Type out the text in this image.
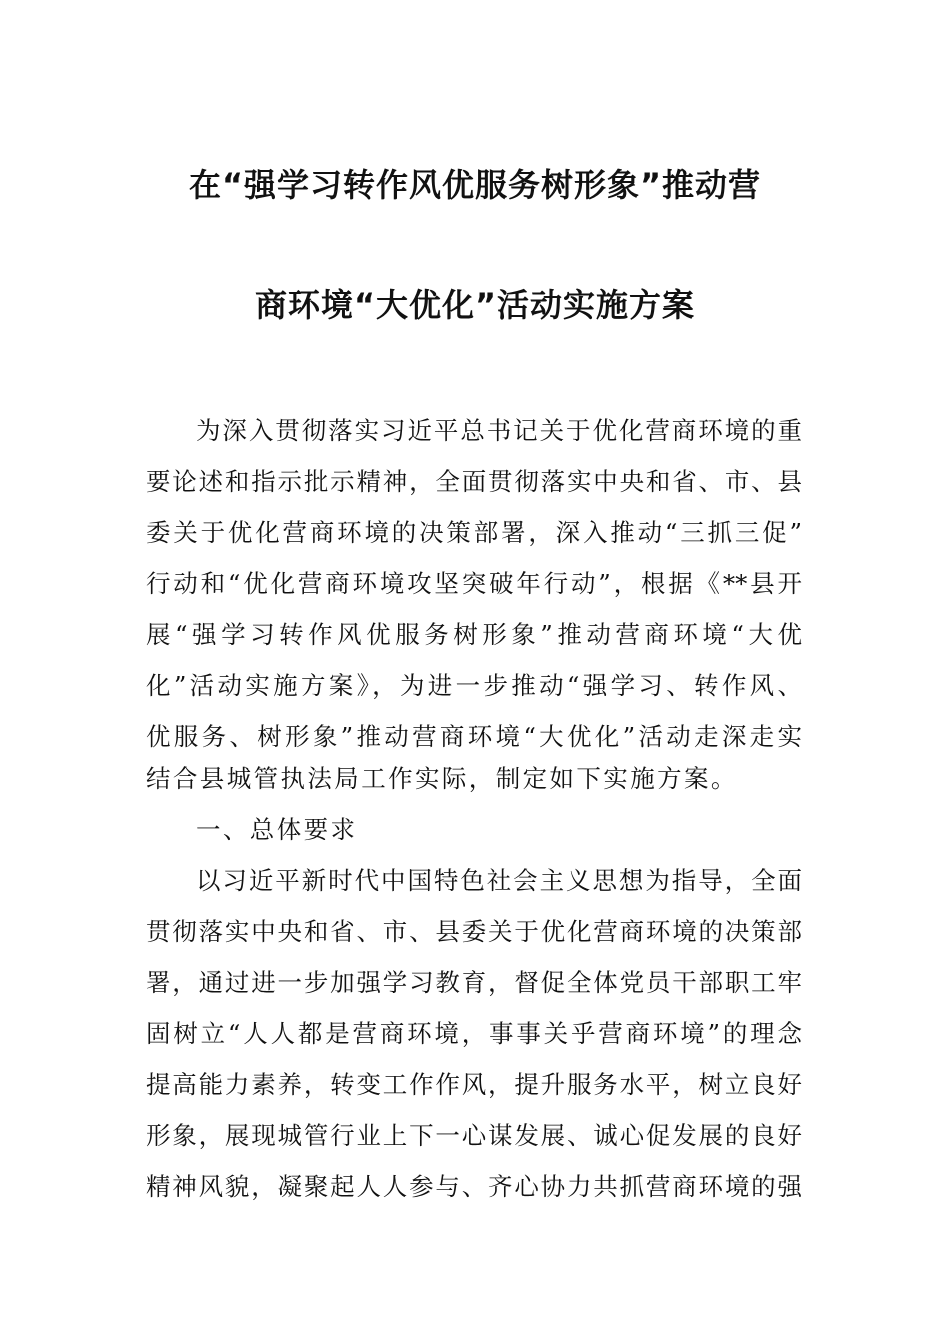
在“强学习转作风优服务树形象”推动营
商环境“大优化”活动实施方案
为深入贯彻落实习近平总书记关于优化营商环境的重
要论述和指示批示精神，全面贯彻落实中央和省、市、县
委关于优化营商环境的决策部署，深入推动“三抓三促”
行动和“优化营商环境攻坚突破年行动”，根据《**县开
展“强学习转作风优服务树形象”推动营商环境“大优
化”活动实施方案》，为进一步推动“强学习、转作风、
优服务、树形象”推动营商环境“大优化”活动走深走实
结合县城管执法局工作实际，制定如下实施方案。
一、总体要求
以习近平新时代中国特色社会主义思想为指导，全面
贯彻落实中央和省、市、县委关于优化营商环境的决策部
署，通过进一步加强学习教育，督促全体党员干部职工牢
固树立“人人都是营商环境，事事关乎营商环境”的理念
提高能力素养，转变工作作风，提升服务水平，树立良好
形象，展现城管行业上下一心谋发展、诚心促发展的良好
精神风貌，凝聚起人人参与、齐心协力共抓营商环境的强
